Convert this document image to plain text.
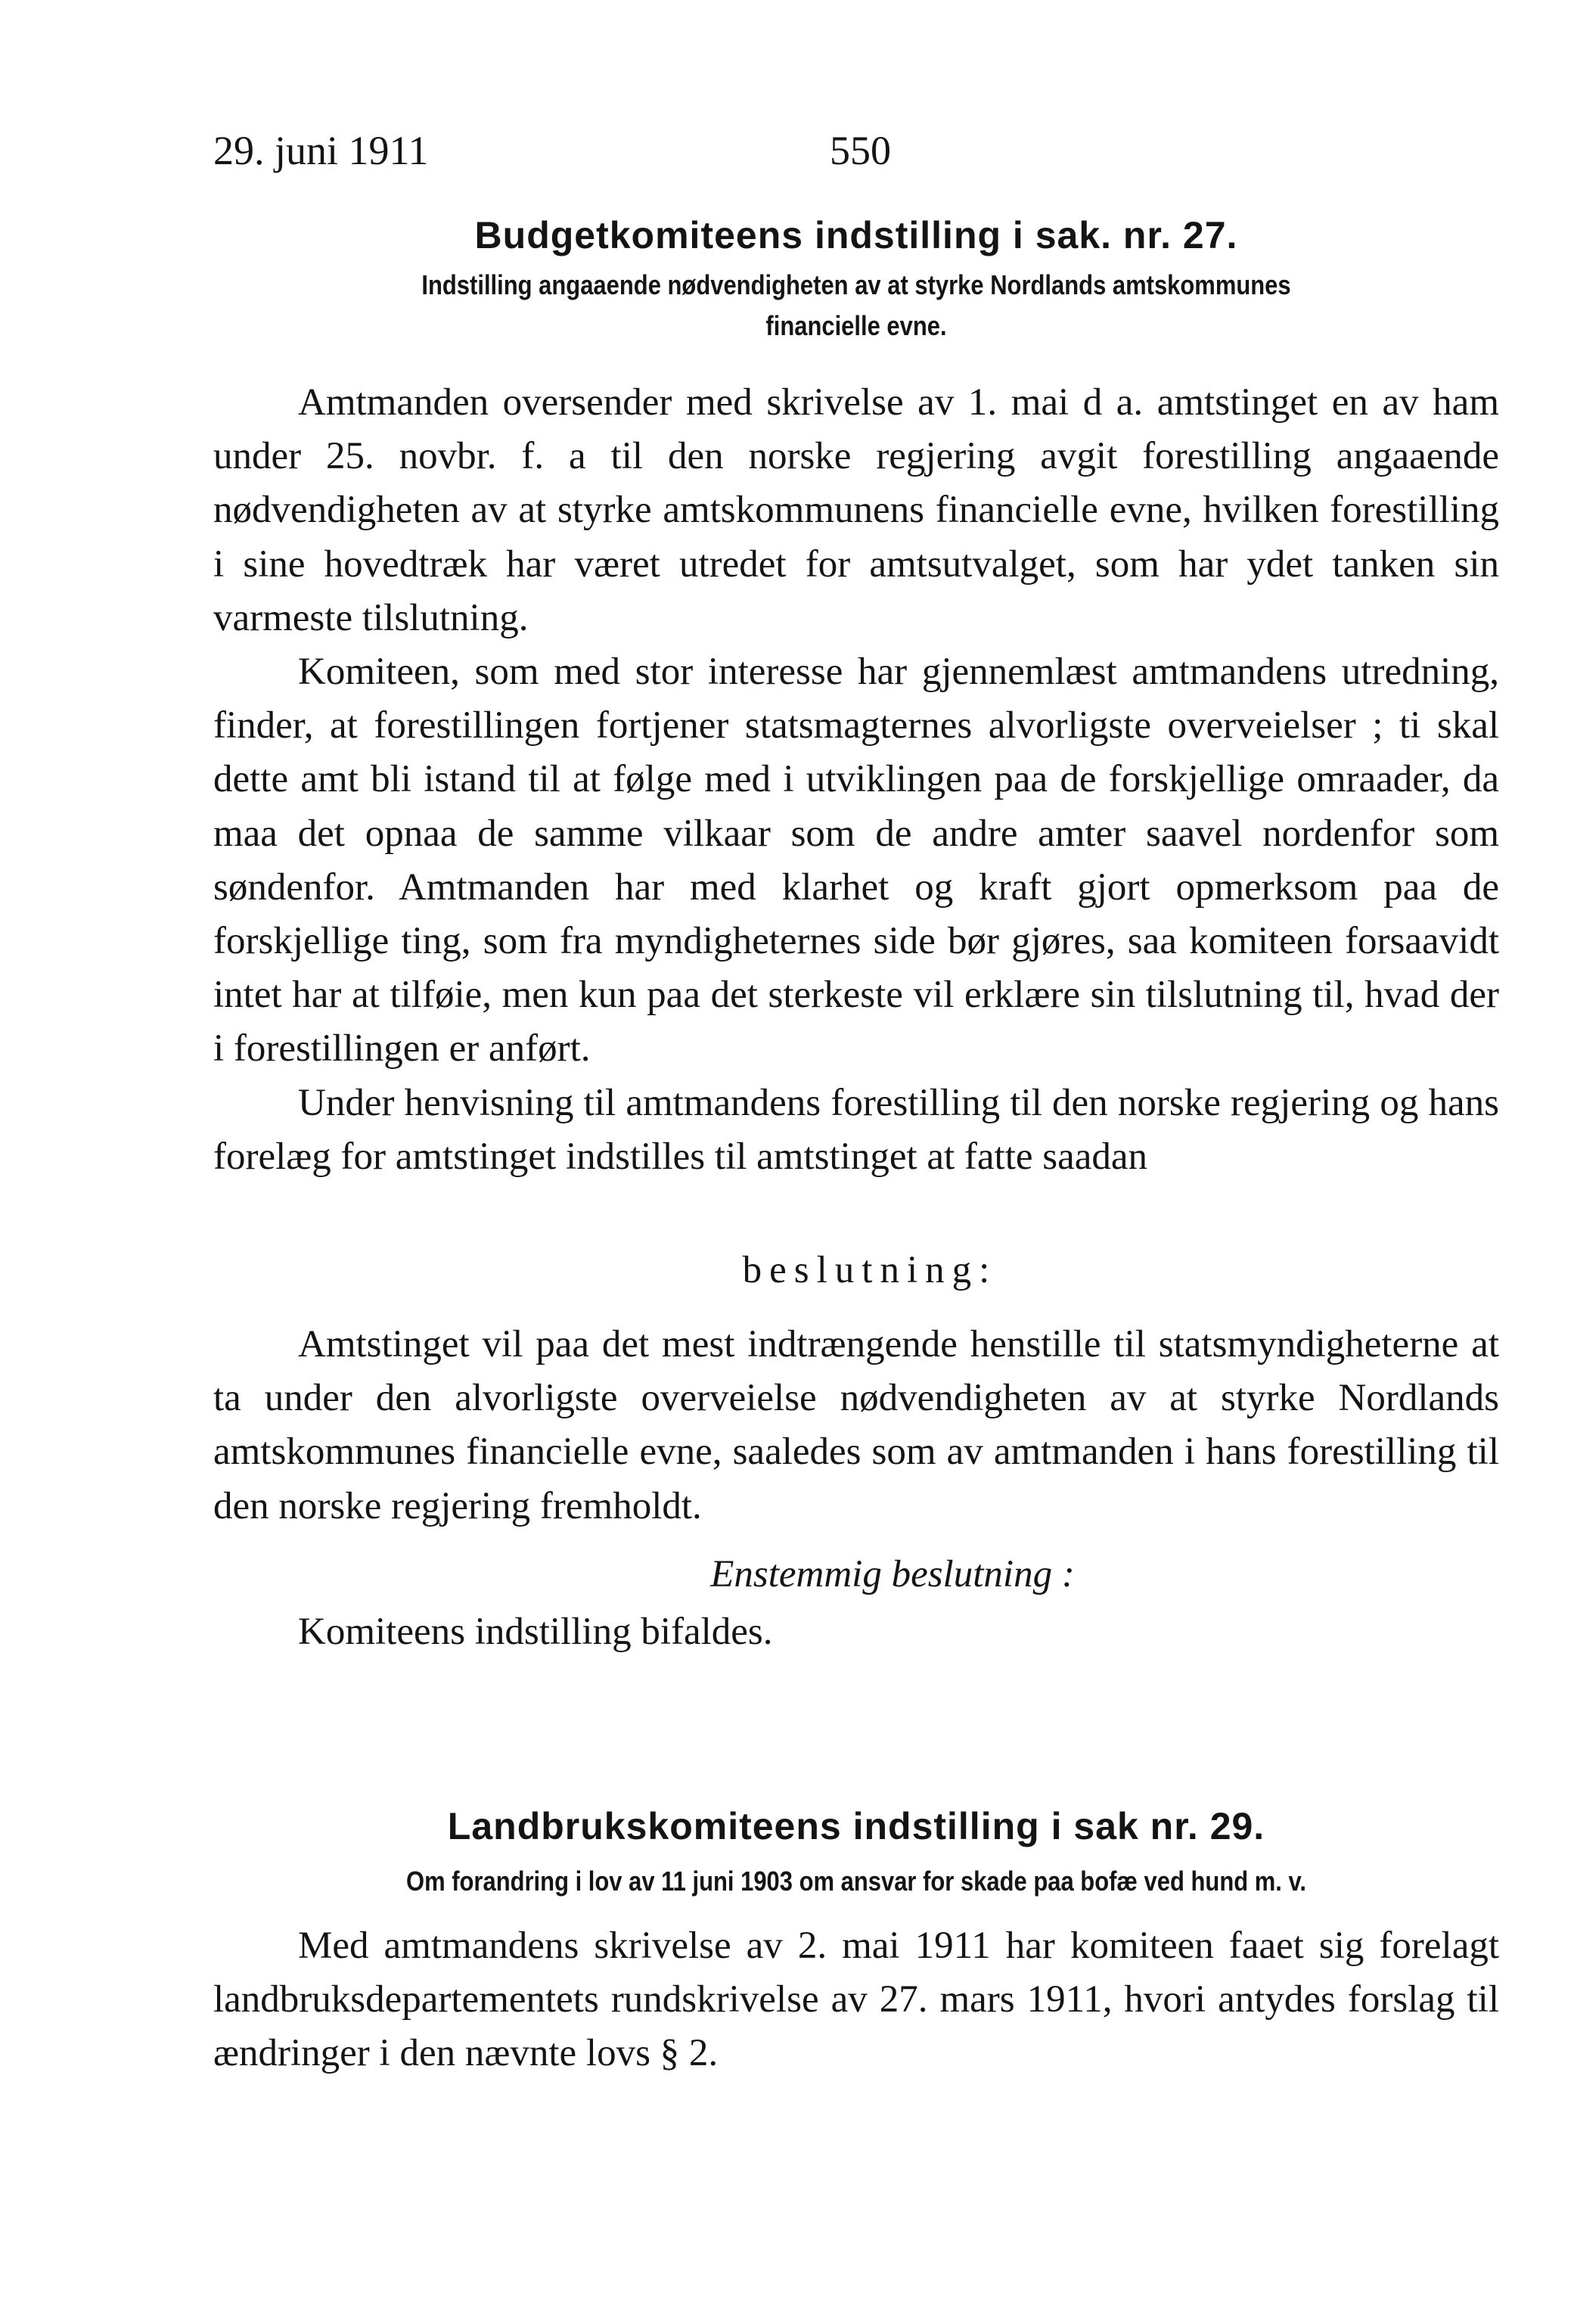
29. juni 1911	550
Budgetkomiteens indstilling i sak. nr. 27.
Indstilling angaaende nødvendigheten av at styrke Nordlands amtskommunes
financielle evne.

Amtmanden oversender med skrivelse av 1. mai d a. amtstinget en av ham under 25. novbr. f. a til den norske regjering avgit forestilling angaaende nødvendigheten av at styrke amtskommunens financielle evne, hvilken forestilling i sine hovedtræk har været utredet for amtsutvalget, som har ydet tanken sin varmeste tilslutning.

Komiteen, som med stor interesse har gjennemlæst amtmandens utredning, finder, at forestillingen fortjener statsmagternes alvorligste overveielser ; ti skal dette amt bli istand til at følge med i utviklingen paa de forskjellige omraader, da maa det opnaa de samme vilkaar som de andre amter saavel nordenfor som søndenfor. Amtmanden har med klarhet og kraft gjort opmerksom paa de forskjellige ting, som fra myndigheternes side bør gjøres, saa komiteen forsaavidt intet har at tilføie, men kun paa det sterkeste vil erklære sin tilslutning til, hvad der i forestillingen er anført.

Under henvisning til amtmandens forestilling til den norske regjering og hans forelæg for amtstinget indstilles til amtstinget at fatte saadan

beslutning:

Amtstinget vil paa det mest indtrængende henstille til statsmyndigheterne at ta under den alvorligste overveielse nødvendigheten av at styrke Nordlands amtskommunes financielle evne, saaledes som av amtmanden i hans forestilling til den norske regjering fremholdt.

Enstemmig beslutning :

Komiteens indstilling bifaldes.

Landbrukskomiteens indstilling i sak nr. 29.
Om forandring i lov av 11 juni 1903 om ansvar for skade paa bofæ ved hund m. v.

Med amtmandens skrivelse av 2. mai 1911 har komiteen faaet sig forelagt landbruksdepartementets rundskrivelse av 27. mars 1911, hvori antydes forslag til ændringer i den nævnte lovs § 2.
